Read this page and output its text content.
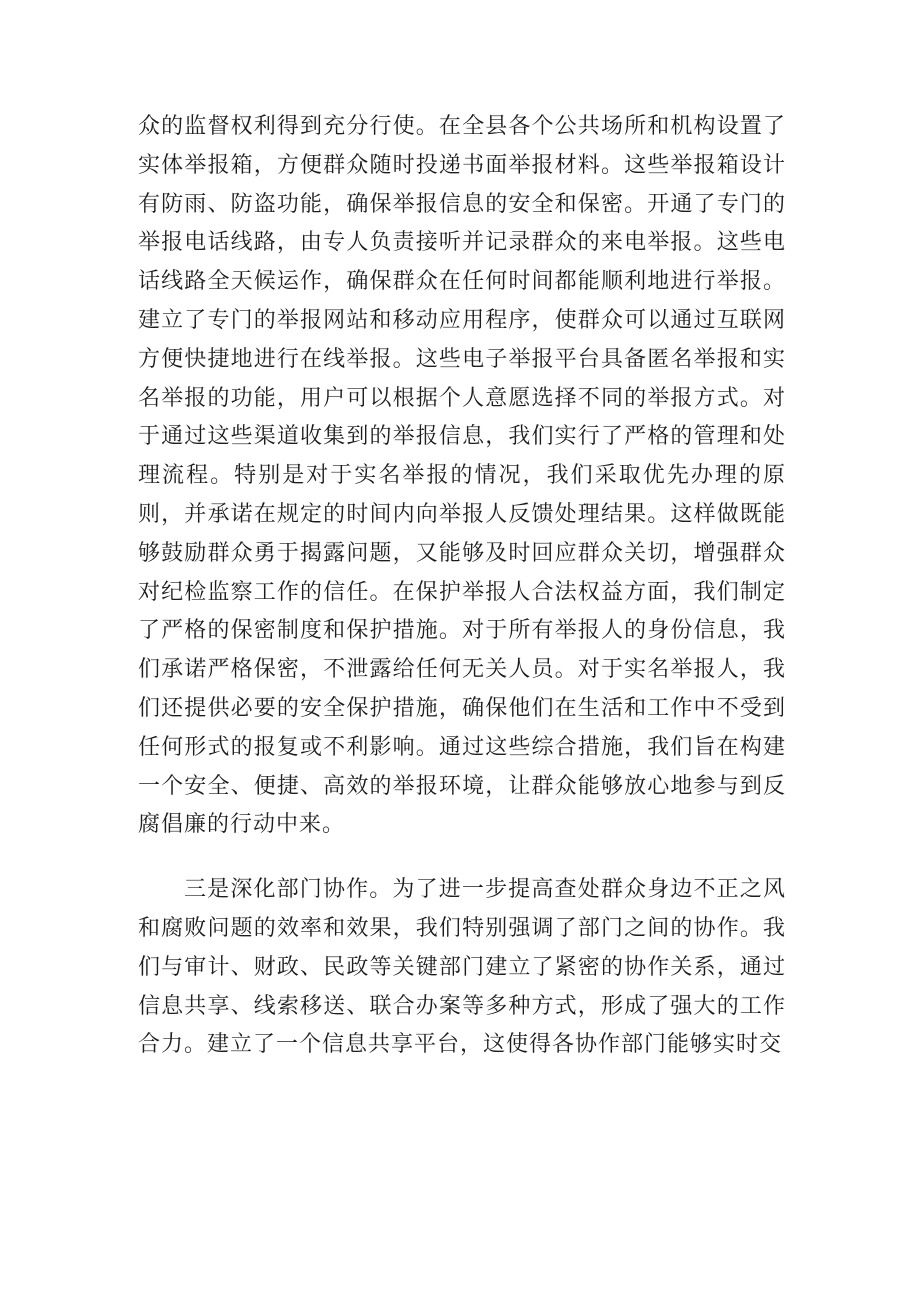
众的监督权利得到充分行使。在全县各个公共场所和机构设置了实体举报箱，方便群众随时投递书面举报材料。这些举报箱设计有防雨、防盗功能，确保举报信息的安全和保密。开通了专门的举报电话线路，由专人负责接听并记录群众的来电举报。这些电话线路全天候运作，确保群众在任何时间都能顺利地进行举报。建立了专门的举报网站和移动应用程序，使群众可以通过互联网方便快捷地进行在线举报。这些电子举报平台具备匿名举报和实名举报的功能，用户可以根据个人意愿选择不同的举报方式。对于通过这些渠道收集到的举报信息，我们实行了严格的管理和处理流程。特别是对于实名举报的情况，我们采取优先办理的原则，并承诺在规定的时间内向举报人反馈处理结果。这样做既能够鼓励群众勇于揭露问题，又能够及时回应群众关切，增强群众对纪检监察工作的信任。在保护举报人合法权益方面，我们制定了严格的保密制度和保护措施。对于所有举报人的身份信息，我们承诺严格保密，不泄露给任何无关人员。对于实名举报人，我们还提供必要的安全保护措施，确保他们在生活和工作中不受到任何形式的报复或不利影响。通过这些综合措施，我们旨在构建一个安全、便捷、高效的举报环境，让群众能够放心地参与到反腐倡廉的行动中来。

三是深化部门协作。为了进一步提高查处群众身边不正之风和腐败问题的效率和效果，我们特别强调了部门之间的协作。我们与审计、财政、民政等关键部门建立了紧密的协作关系，通过信息共享、线索移送、联合办案等多种方式，形成了强大的工作合力。建立了一个信息共享平台，这使得各协作部门能够实时交
